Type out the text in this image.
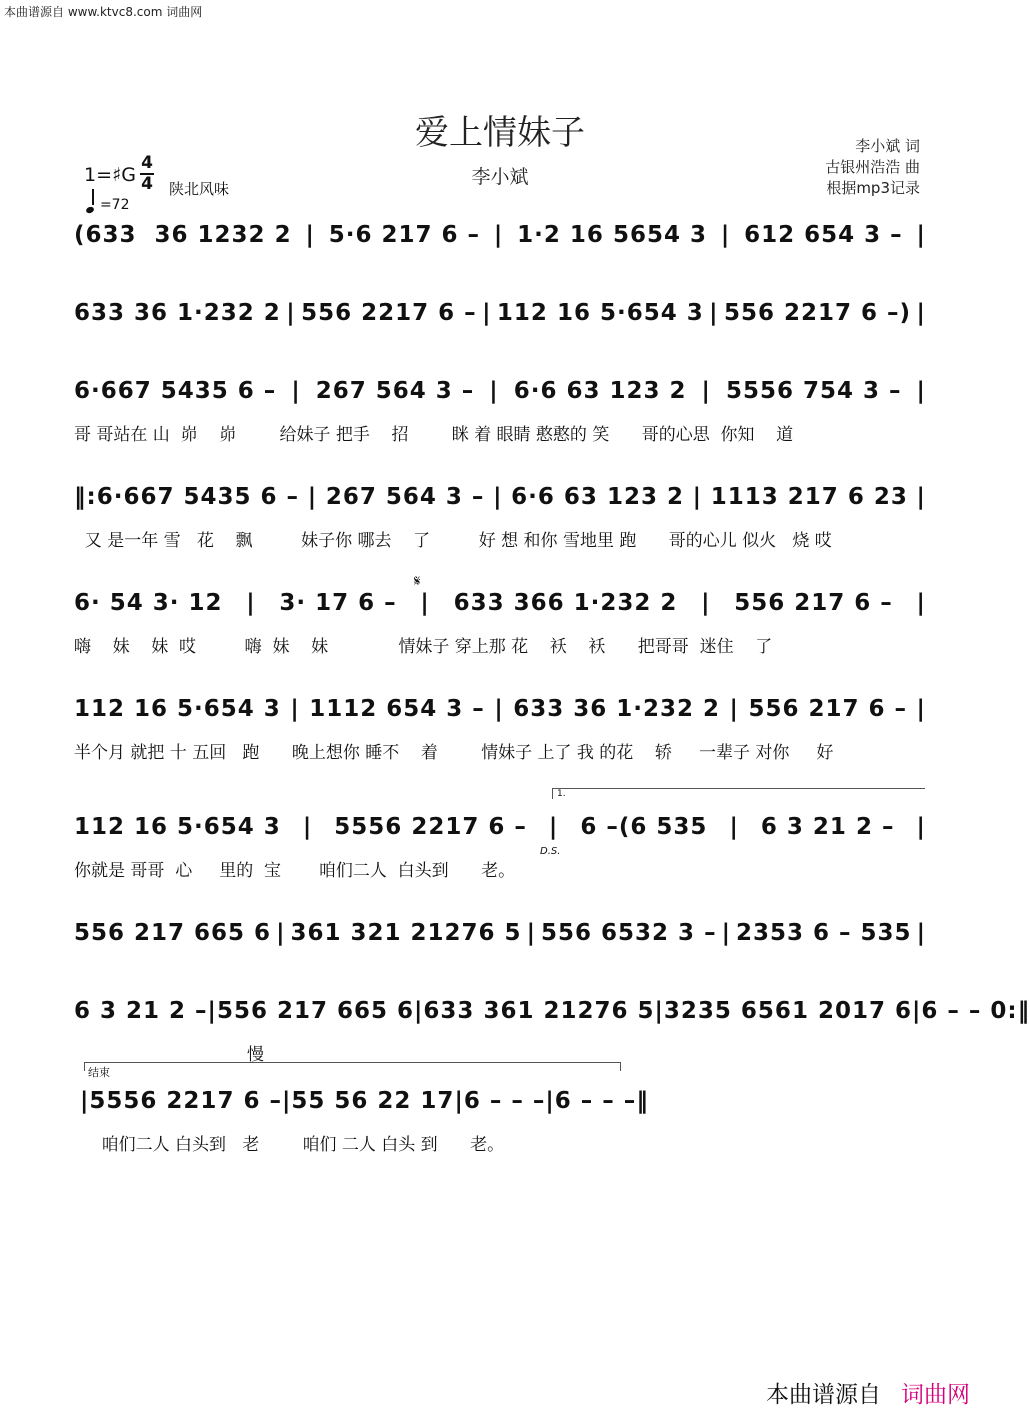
本曲谱源自 www.ktvc8.com 词曲网
爱上情妹子
李小斌
李小斌 词
古银州浩浩 曲
根据mp3记录
1=♯G
4
4 陕北风味
=72
(633  36 1232 2 | 5·6 217 6 – | 1·2 16 5654 3 | 612 654 3 – |
633 36 1·232 2 | 556 2217 6 – | 112 16 5·654 3 | 556 2217 6 –) |
6·667 5435 6 – | 267 564 3 – | 6·6 63 123 2 | 5556 754 3 – |
哥 哥站在 山  峁    峁        给妹子 把手    招        眯 着 眼睛 憨憨的 笑      哥的心思  你知    道
‖:6·667 5435 6 – | 267 564 3 – | 6·6 63 123 2 | 1113 217 6 23 |
又 是一年 雪   花    飘         妹子你 哪去    了         好 想 和你 雪地里 跑      哥的心儿 似火   烧 哎
𝄋
6· 54 3· 12 | 3· 17 6 – | 633 366 1·232 2 | 556 217 6 – |
嗨    妹    妹  哎         嗨  妹    妹             情妹子 穿上那 花    袄    袄      把哥哥  迷住    了
112 16 5·654 3 | 1112 654 3 – | 633 36 1·232 2 | 556 217 6 – |
半个月 就把 十 五回   跑      晚上想你 睡不    着        情妹子 上了 我 的花    轿     一辈子 对你     好
1.
D.S.
112 16 5·654 3 | 5556 2217 6 – | 6 –(6 535 | 6 3 21 2 – |
你就是 哥哥  心     里的  宝       咱们二人  白头到      老。
556 217 665 6 | 361 321 21276 5 | 556 6532 3 – | 2353 6 – 535 |
6 3 21 2 – | 556 217 665 6 | 633 361 21276 5 | 3235 6561 2017 6 | 6 – – 0:‖
慢
结束
| 5556 2217 6 – | 55 56 22 17 | 6 – – – | 6 – – – ‖
咱们二人 白头到   老        咱们 二人 白头 到      老。
本曲谱源自 词曲网
